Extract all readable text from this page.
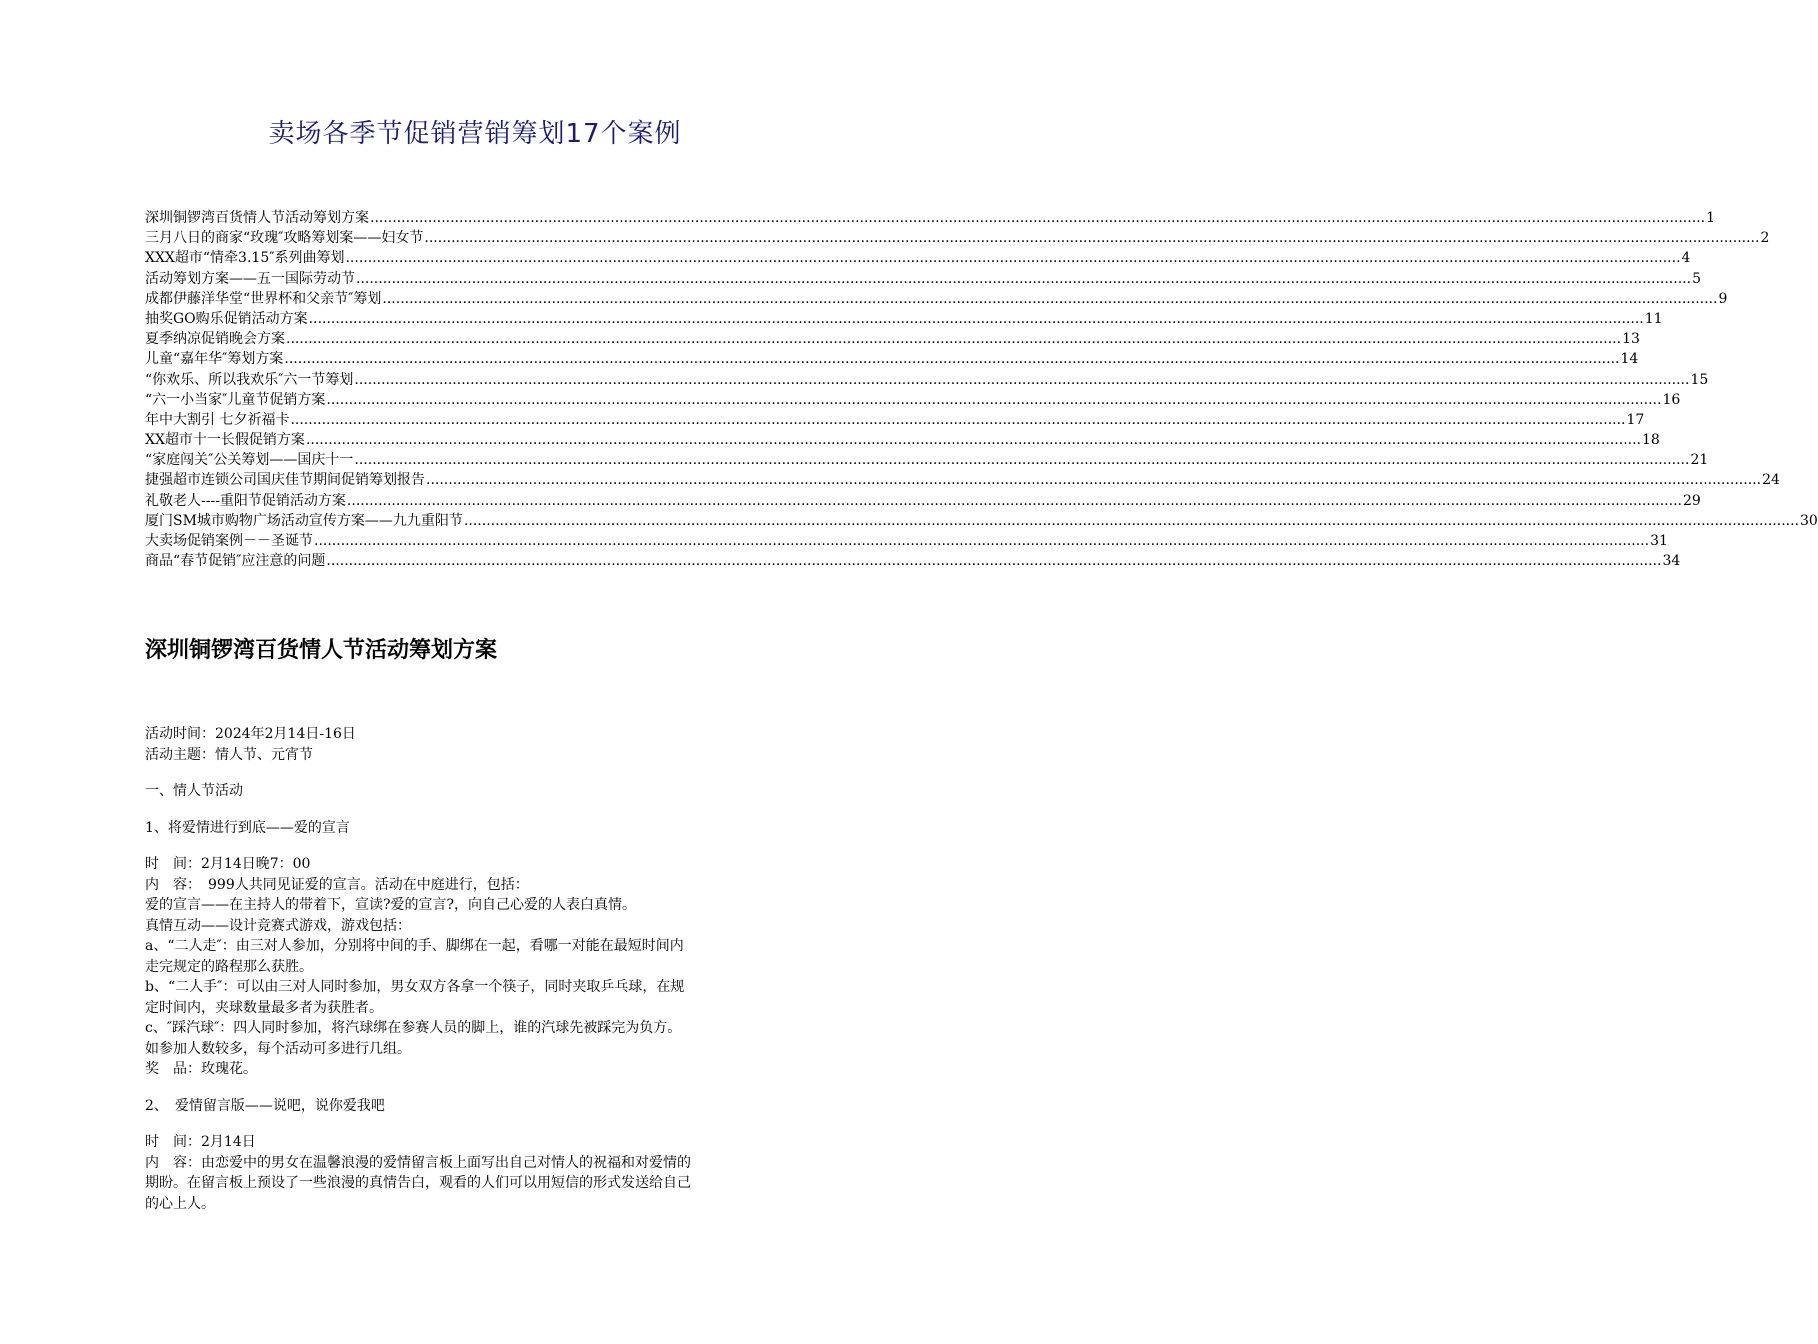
卖场各季节促销营销筹划17个案例
深圳铜锣湾百货情人节活动筹划方案 ............................................................................................................................................................................................................................................................................................................ 1
三月八日的商家“玫瑰″攻略筹划案——妇女节 ............................................................................................................................................................................................................................................................................................................ 2
XXX超市“情牵3.15″系列曲筹划 ............................................................................................................................................................................................................................................................................................................ 4
活动筹划方案——五一国际劳动节 ............................................................................................................................................................................................................................................................................................................ 5
成都伊藤洋华堂“世界杯和父亲节″筹划 ............................................................................................................................................................................................................................................................................................................ 9
抽奖GO购乐促销活动方案 ............................................................................................................................................................................................................................................................................................................ 11
夏季纳凉促销晚会方案 ............................................................................................................................................................................................................................................................................................................ 13
儿童“嘉年华″筹划方案 ............................................................................................................................................................................................................................................................................................................ 14
“你欢乐、所以我欢乐″六一节筹划 ............................................................................................................................................................................................................................................................................................................ 15
“六一小当家″儿童节促销方案 ............................................................................................................................................................................................................................................................................................................ 16
年中大割引 七夕祈福卡 ............................................................................................................................................................................................................................................................................................................ 17
XX超市十一长假促销方案 ............................................................................................................................................................................................................................................................................................................ 18
“家庭闯关″公关筹划——国庆十一 ............................................................................................................................................................................................................................................................................................................ 21
捷强超市连锁公司国庆佳节期间促销筹划报告 ............................................................................................................................................................................................................................................................................................................ 24
礼敬老人----重阳节促销活动方案 ............................................................................................................................................................................................................................................................................................................ 29
厦门SM城市购物广场活动宣传方案——九九重阳节 ............................................................................................................................................................................................................................................................................................................ 30
大卖场促销案例－－圣诞节 ............................................................................................................................................................................................................................................................................................................ 31
商品“春节促销″应注意的问题 ............................................................................................................................................................................................................................................................................................................ 34
深圳铜锣湾百货情人节活动筹划方案
活动时间：2024年2月14日-16日
活动主题：情人节、元宵节
一、情人节活动
1、将爱情进行到底——爱的宣言
时　间：2月14日晚7：00
内　容：　999人共同见证爱的宣言。活动在中庭进行，包括：
爱的宣言——在主持人的带着下，宣读?爱的宣言?，向自己心爱的人表白真情。
真情互动——设计竞赛式游戏，游戏包括：
a、“二人走″：由三对人参加，分别将中间的手、脚绑在一起，看哪一对能在最短时间内
走完规定的路程那么获胜。
b、“二人手″：可以由三对人同时参加，男女双方各拿一个筷子，同时夹取乒乓球，在规
定时间内，夹球数量最多者为获胜者。
c、″踩汽球″：四人同时参加，将汽球绑在参赛人员的脚上，谁的汽球先被踩完为负方。
如参加人数较多，每个活动可多进行几组。
奖　品：玫瑰花。
2、　爱情留言版——说吧，说你爱我吧
时　间：2月14日
内　容：由恋爱中的男女在温馨浪漫的爱情留言板上面写出自己对情人的祝福和对爱情的
期盼。在留言板上预设了一些浪漫的真情告白，观看的人们可以用短信的形式发送给自己
的心上人。
